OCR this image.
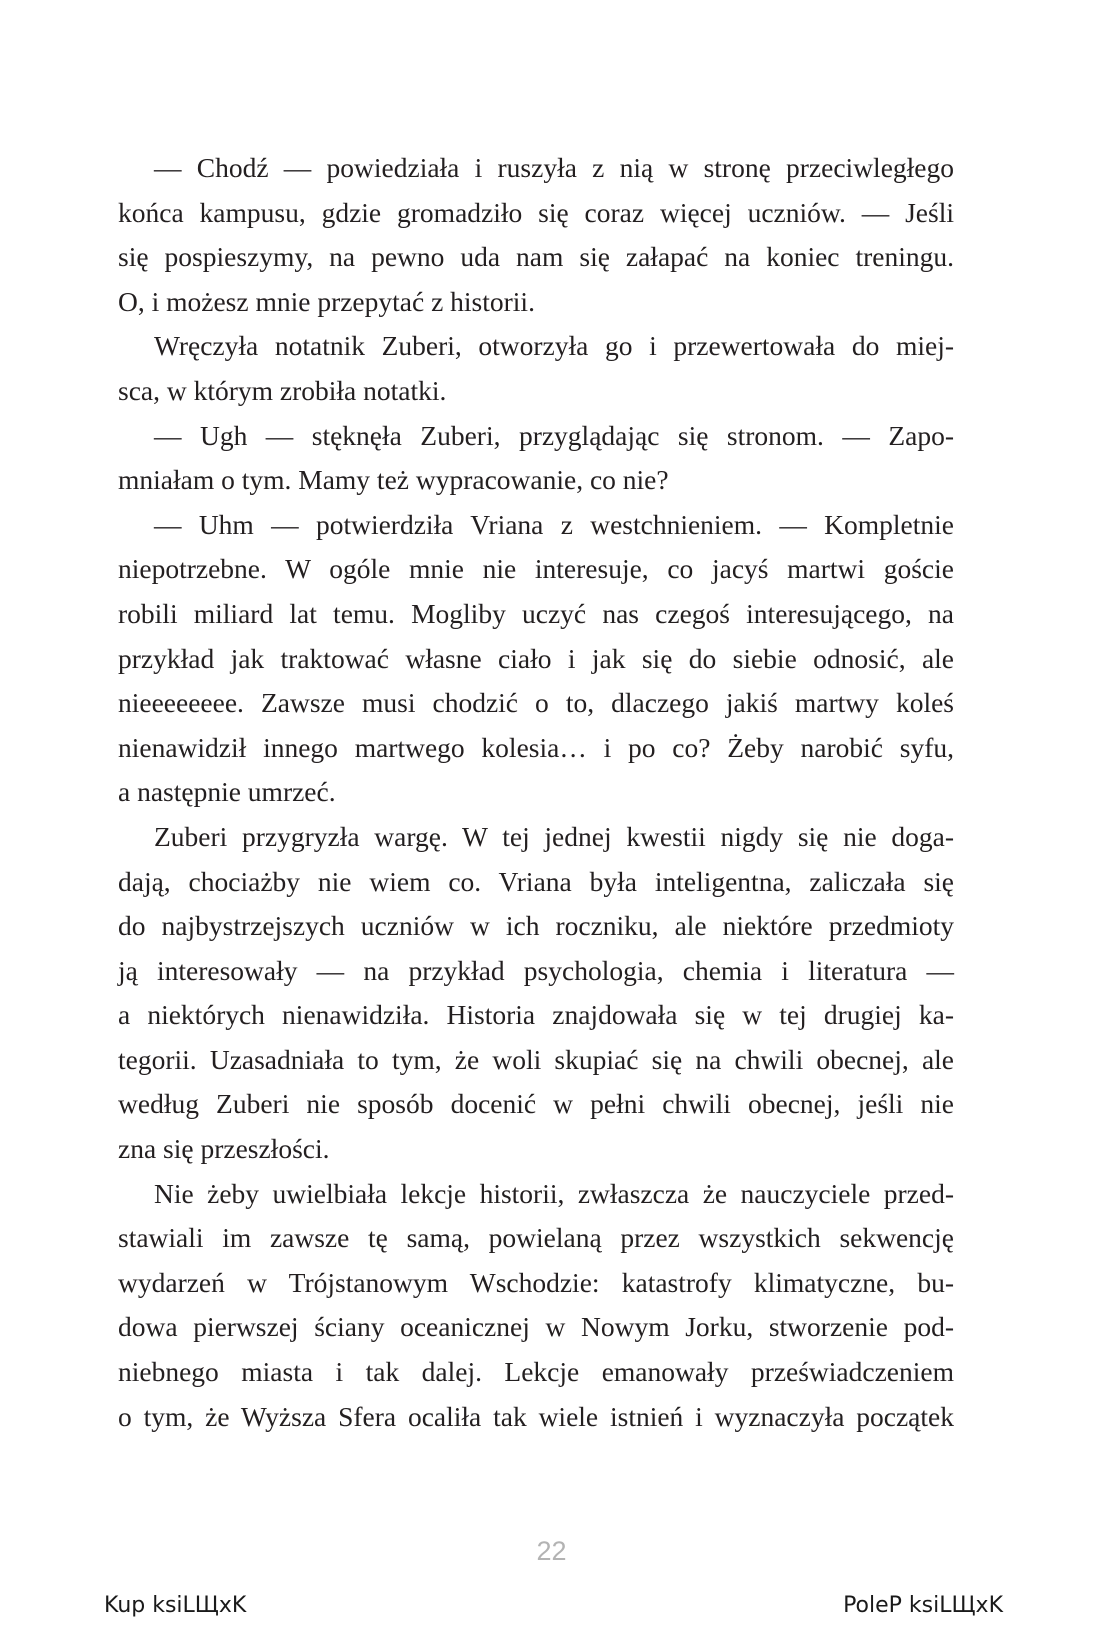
— Chodź — powiedziała i ruszyła z nią w stronę przeciwległego
końca kampusu, gdzie gromadziło się coraz więcej uczniów. — Jeśli
się pospieszymy, na pewno uda nam się załapać na koniec treningu.
O, i możesz mnie przepytać z historii.
Wręczyła notatnik Zuberi, otworzyła go i przewertowała do miej-
sca, w którym zrobiła notatki.
— Ugh — stęknęła Zuberi, przyglądając się stronom. — Zapo-
mniałam o tym. Mamy też wypracowanie, co nie?
— Uhm — potwierdziła Vriana z westchnieniem. — Kompletnie
niepotrzebne. W ogóle mnie nie interesuje, co jacyś martwi goście
robili miliard lat temu. Mogliby uczyć nas czegoś interesującego, na
przykład jak traktować własne ciało i jak się do siebie odnosić, ale
nieeeeeeee. Zawsze musi chodzić o to, dlaczego jakiś martwy koleś
nienawidził innego martwego kolesia… i po co? Żeby narobić syfu,
a następnie umrzeć.
Zuberi przygryzła wargę. W tej jednej kwestii nigdy się nie doga-
dają, chociażby nie wiem co. Vriana była inteligentna, zaliczała się
do najbystrzejszych uczniów w ich roczniku, ale niektóre przedmioty
ją interesowały — na przykład psychologia, chemia i literatura —
a niektórych nienawidziła. Historia znajdowała się w tej drugiej ka-
tegorii. Uzasadniała to tym, że woli skupiać się na chwili obecnej, ale
według Zuberi nie sposób docenić w pełni chwili obecnej, jeśli nie
zna się przeszłości.
Nie żeby uwielbiała lekcje historii, zwłaszcza że nauczyciele przed-
stawiali im zawsze tę samą, powielaną przez wszystkich sekwencję
wydarzeń w Trójstanowym Wschodzie: katastrofy klimatyczne, bu-
dowa pierwszej ściany oceanicznej w Nowym Jorku, stworzenie pod-
niebnego miasta i tak dalej. Lekcje emanowały przeświadczeniem
o tym, że Wyższa Sfera ocaliła tak wiele istnień i wyznaczyła początek
22
Kup ksiLЩxK	PoleP ksiLЩxK
